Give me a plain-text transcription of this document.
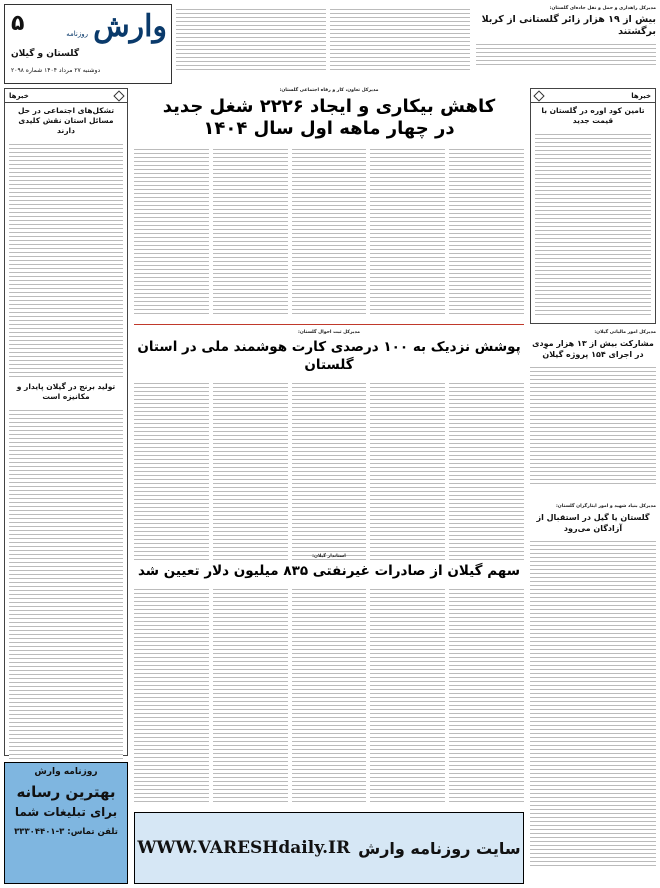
۵	وارش روزنامه
گلستان و گیلان
دوشنبه ۲۷ مرداد ۱۴۰۴ شماره ۲۰۹۸
مدیرکل راهداری و حمل و نقل جاده‌ای گلستان:
بیش از ۱۹ هزار زائر گلستانی از کربلا برگشتند
خبرها
تشکل‌های اجتماعی در حل مسائل استان نقش کلیدی دارند
تولید برنج در گیلان پایدار و مکانیزه است
مدیرکل تعاون، کار و رفاه اجتماعی گلستان:
کاهش بیکاری و ایجاد ۲۲۲۶ شغل جدید
در چهار ماهه اول سال ۱۴۰۴
خبرها
تامین کود اوره در گلستان با قیمت جدید
مدیرکل ثبت احوال گلستان:
پوشش نزدیک به ۱۰۰ درصدی کارت هوشمند ملی در استان گلستان
مدیرکل امور مالیاتی گیلان:
مشارکت بیش از ۱۳ هزار موِدی در اجرای ۱۵۴ پروژه گیلان
مدیرکل بنیاد شهید و امور ایثارگران گلستان:
گلستان یا گیل در استقبال از آزادگان می‌رود
استاندار گیلان:
سهم گیلان از صادرات غیرنفتی ۸۳۵ میلیون دلار تعیین شد
روزنامه وارش
بهترین رسانه
برای تبلیغات شما
تلفن تماس: ۳-۳۳۳۰۴۴۰۱
سایت روزنامه وارش
WWW.VARESHdaily.IR
